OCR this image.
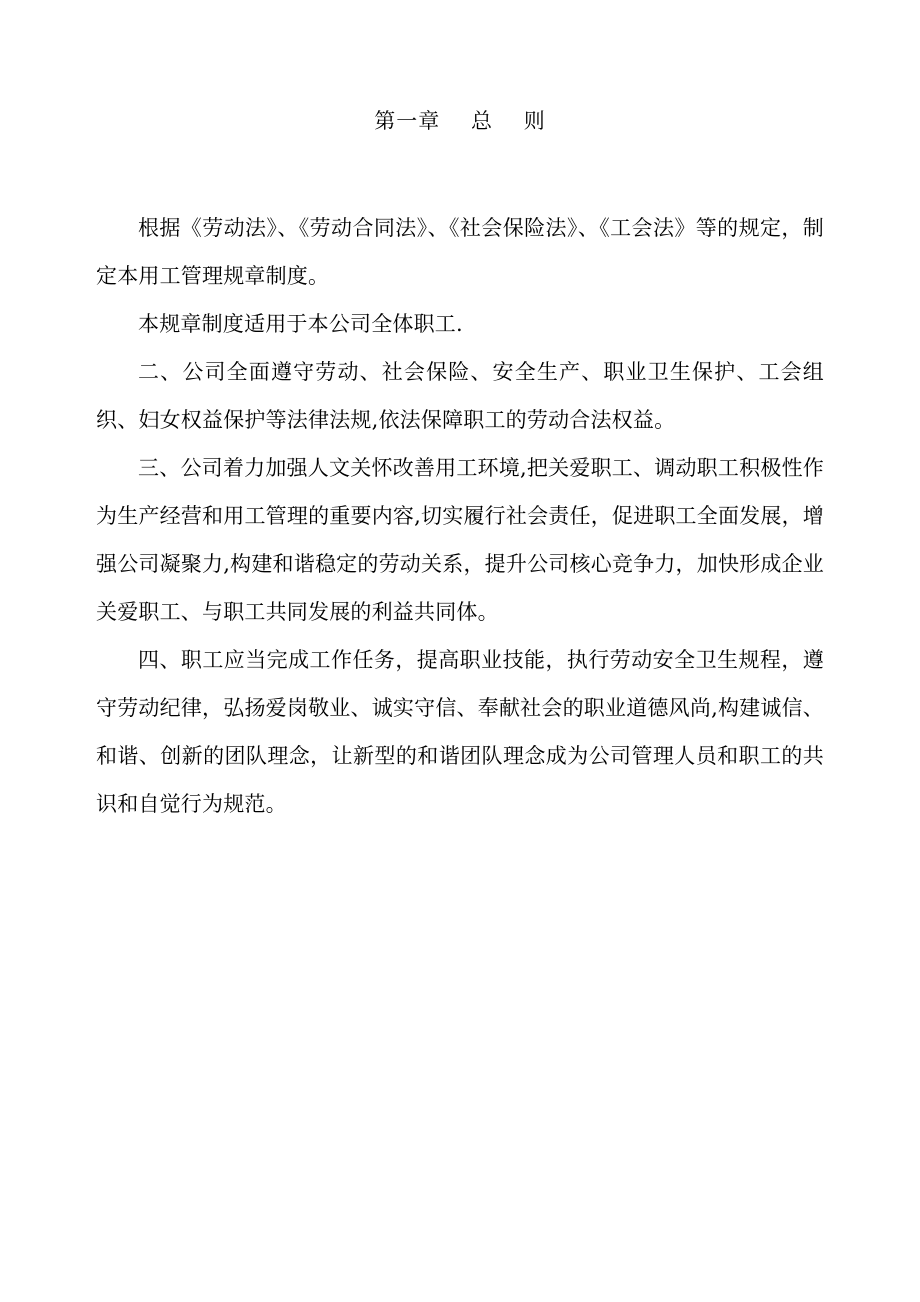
第一章    总    则

根据《劳动法》、《劳动合同法》、《社会保险法》、《工会法》等的规定，制定本用工管理规章制度。

本规章制度适用于本公司全体职工.

二、公司全面遵守劳动、社会保险、安全生产、职业卫生保护、工会组织、妇女权益保护等法律法规,依法保障职工的劳动合法权益。

三、公司着力加强人文关怀改善用工环境,把关爱职工、调动职工积极性作为生产经营和用工管理的重要内容,切实履行社会责任，促进职工全面发展，增强公司凝聚力,构建和谐稳定的劳动关系，提升公司核心竞争力，加快形成企业关爱职工、与职工共同发展的利益共同体。

四、职工应当完成工作任务，提高职业技能，执行劳动安全卫生规程，遵守劳动纪律，弘扬爱岗敬业、诚实守信、奉献社会的职业道德风尚,构建诚信、和谐、创新的团队理念，让新型的和谐团队理念成为公司管理人员和职工的共识和自觉行为规范。
